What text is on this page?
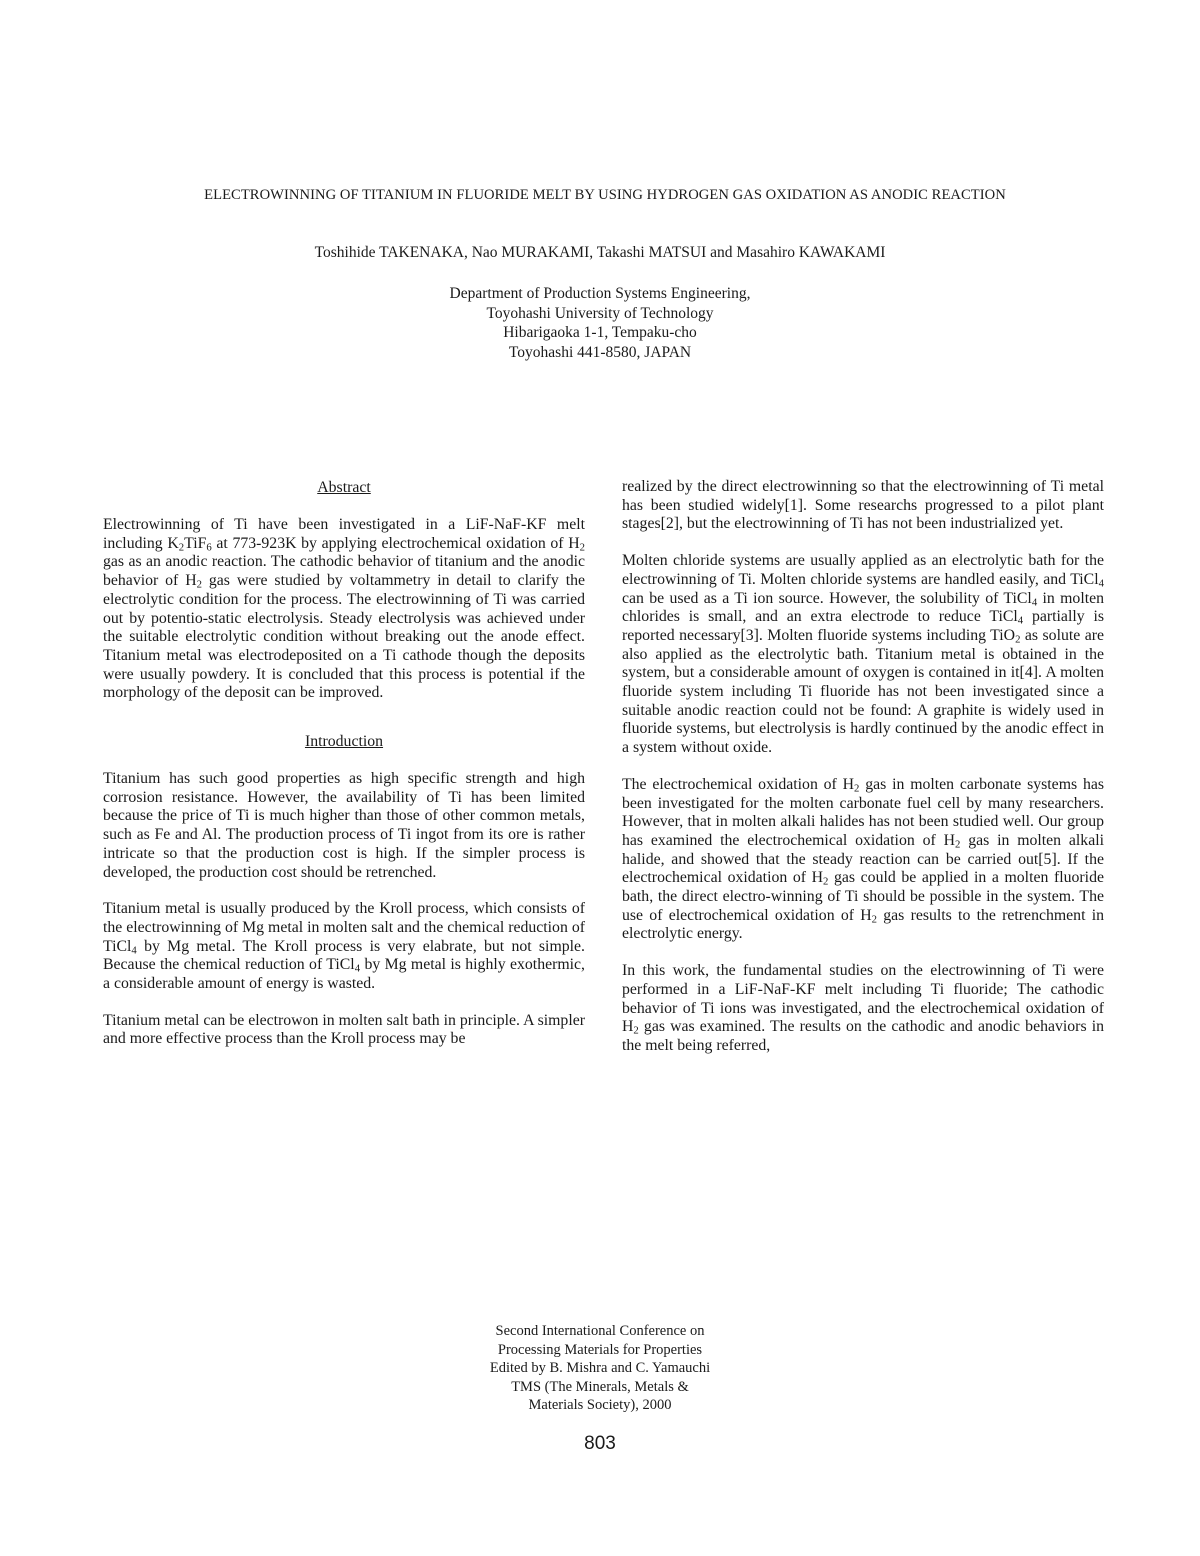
ELECTROWINNING OF TITANIUM IN FLUORIDE MELT BY USING HYDROGEN GAS OXIDATION AS ANODIC REACTION
Toshihide TAKENAKA, Nao MURAKAMI, Takashi MATSUI and Masahiro KAWAKAMI
Department of Production Systems Engineering,
Toyohashi University of Technology
Hibarigaoka 1-1, Tempaku-cho
Toyohashi 441-8580, JAPAN
Abstract

Electrowinning of Ti have been investigated in a LiF-NaF-KF melt including $K_2TiF_6$ at 773-923K by applying electrochemical oxidation of $H_2$ gas as an anodic reaction. The cathodic behavior of titanium and the anodic behavior of $H_2$ gas were studied by voltammetry in detail to clarify the electrolytic condition for the process. The electrowinning of Ti was carried out by potentio-static electrolysis. Steady electrolysis was achieved under the suitable electrolytic condition without breaking out the anode effect. Titanium metal was electrodeposited on a Ti cathode though the deposits were usually powdery. It is concluded that this process is potential if the morphology of the deposit can be improved.

Introduction

Titanium has such good properties as high specific strength and high corrosion resistance. However, the availability of Ti has been limited because the price of Ti is much higher than those of other common metals, such as Fe and Al. The production process of Ti ingot from its ore is rather intricate so that the production cost is high. If the simpler process is developed, the production cost should be retrenched.

Titanium metal is usually produced by the Kroll process, which consists of the electrowinning of Mg metal in molten salt and the chemical reduction of TiCl$_4$ by Mg metal. The Kroll process is very elabrate, but not simple. Because the chemical reduction of TiCl$_4$ by Mg metal is highly exothermic, a considerable amount of energy is wasted.

Titanium metal can be electrowon in molten salt bath in principle. A simpler and more effective process than the Kroll process may be

realized by the direct electrowinning so that the electrowinning of Ti metal has been studied widely[1]. Some researchs progressed to a pilot plant stages[2], but the electrowinning of Ti has not been industrialized yet.

Molten chloride systems are usually applied as an electrolytic bath for the electrowinning of Ti. Molten chloride systems are handled easily, and TiCl$_4$ can be used as a Ti ion source. However, the solubility of TiCl$_4$ in molten chlorides is small, and an extra electrode to reduce TiCl$_4$ partially is reported necessary[3]. Molten fluoride systems including TiO$_2$ as solute are also applied as the electrolytic bath. Titanium metal is obtained in the system, but a considerable amount of oxygen is contained in it[4]. A molten fluoride system including Ti fluoride has not been investigated since a suitable anodic reaction could not be found: A graphite is widely used in fluoride systems, but electrolysis is hardly continued by the anodic effect in a system without oxide.

The electrochemical oxidation of $H_2$ gas in molten carbonate systems has been investigated for the molten carbonate fuel cell by many researchers. However, that in molten alkali halides has not been studied well. Our group has examined the electrochemical oxidation of $H_2$ gas in molten alkali halide, and showed that the steady reaction can be carried out[5]. If the electrochemical oxidation of $H_2$ gas could be applied in a molten fluoride bath, the direct electro-winning of Ti should be possible in the system. The use of electrochemical oxidation of $H_2$ gas results to the retrenchment in electrolytic energy.

In this work, the fundamental studies on the electrowinning of Ti were performed in a LiF-NaF-KF melt including Ti fluoride; The cathodic behavior of Ti ions was investigated, and the electrochemical oxidation of $H_2$ gas was examined. The results on the cathodic and anodic behaviors in the melt being referred,

Second International Conference on
Processing Materials for Properties
Edited by B. Mishra and C. Yamauchi
TMS (The Minerals, Metals &
Materials Society), 2000
803
